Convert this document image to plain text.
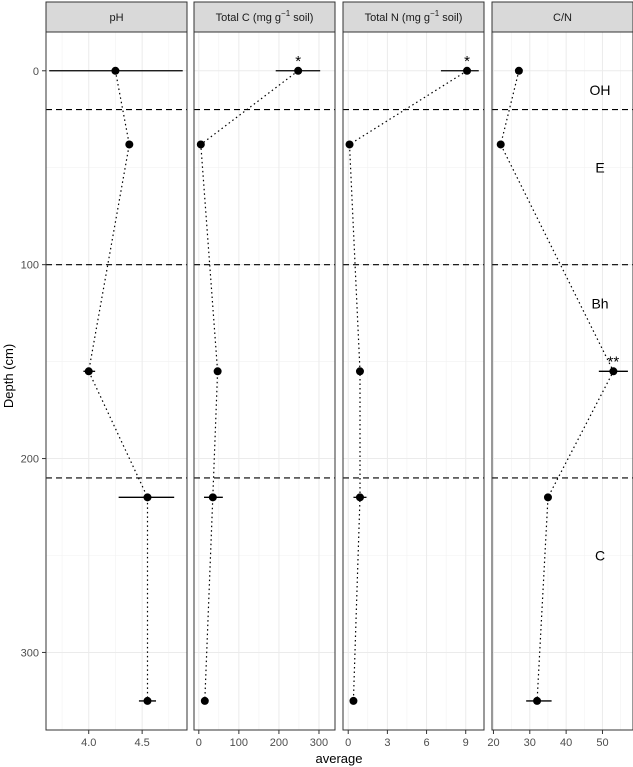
Depth (cm)
average
0
100
200
300
pH
4.0	4.5
Total C (mg $g^{-1}$ soil)
*
0	100 200 300
Total N (mg $g^{-1}$ soil)
*
0	3	6	9
C/N
**
OH
E
Bh
C
20 30 40 50
